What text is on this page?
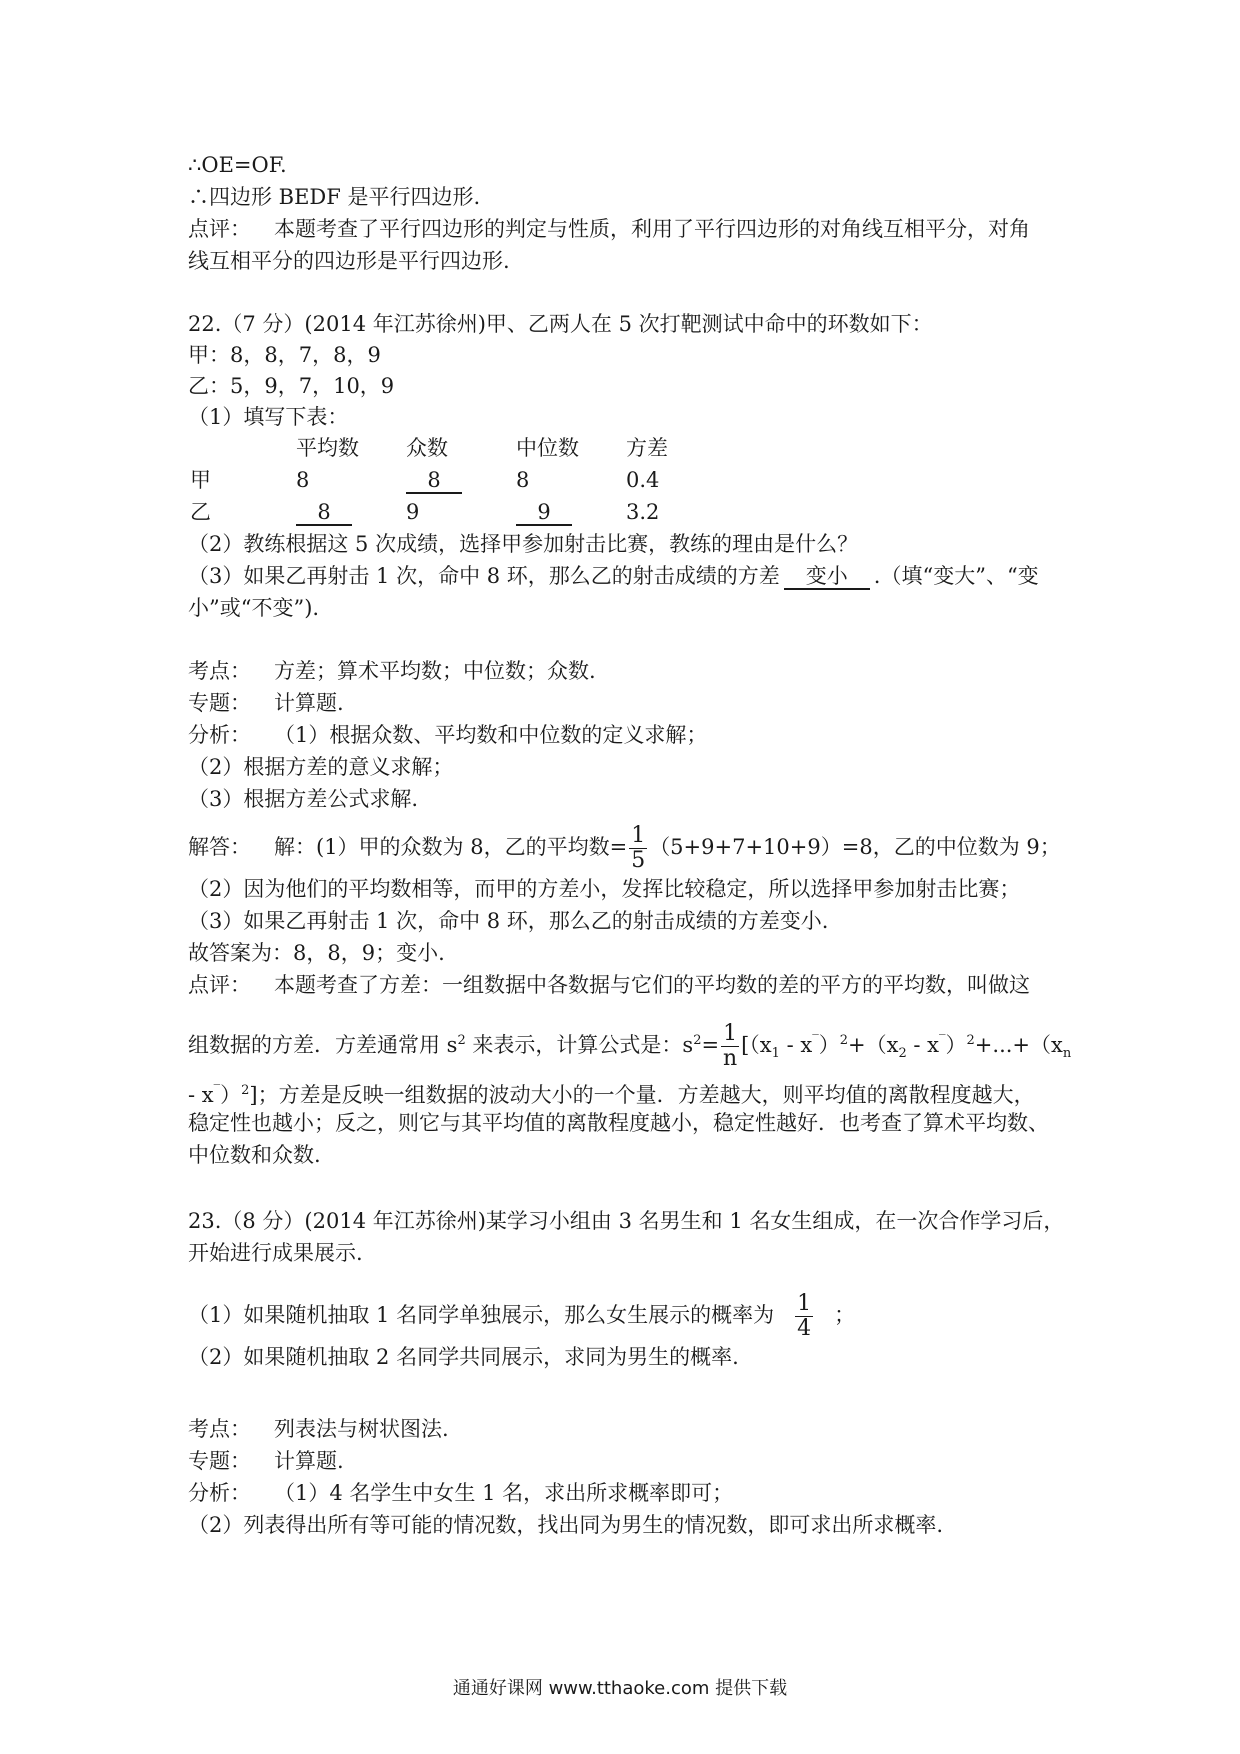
∴OE=OF.
∴四边形 BEDF 是平行四边形.
点评： 本题考查了平行四边形的判定与性质，利用了平行四边形的对角线互相平分，对角
线互相平分的四边形是平行四边形.
22.（7 分）(2014 年江苏徐州)甲、乙两人在 5 次打靶测试中命中的环数如下：
甲：8，8，7，8，9
乙：5，9，7，10，9
（1）填写下表：
平均数 众数	中位数 方差
甲	8	8	8	0.4
乙	8	9	9	3.2
（2）教练根据这 5 次成绩，选择甲参加射击比赛，教练的理由是什么？
（3）如果乙再射击 1 次，命中 8 环，那么乙的射击成绩的方差 变小 .（填“变大”、“变
小”或“不变”).
考点： 方差；算术平均数；中位数；众数.
专题： 计算题.
分析： （1）根据众数、平均数和中位数的定义求解；
（2）根据方差的意义求解；
（3）根据方差公式求解.
解答： 解：(1）甲的众数为 8，乙的平均数= $\frac{1}{5} (5+9+7+10+9)=8$，乙的中位数为 9；
（2）因为他们的平均数相等，而甲的方差小，发挥比较稳定，所以选择甲参加射击比赛；
（3）如果乙再射击 1 次，命中 8 环，那么乙的射击成绩的方差变小.
故答案为：8，8，9；变小.
点评： 本题考查了方差：一组数据中各数据与它们的平均数的差的平方的平均数，叫做这
组数据的方差．方差通常用 $s^2$ 来表示，计算公式是：$s^2= \frac{1}{n} [(x_1 - x^‾)^2+(x_2 - x^‾)^2+...+(x_n$
- x‾）$^2$]；方差是反映一组数据的波动大小的一个量．方差越大，则平均值的离散程度越大，
稳定性也越小；反之，则它与其平均值的离散程度越小，稳定性越好．也考查了算术平均数、
中位数和众数.
23.（8 分）(2014 年江苏徐州)某学习小组由 3 名男生和 1 名女生组成，在一次合作学习后，
开始进行成果展示.
（1）如果随机抽取 1 名同学单独展示，那么女生展示的概率为 $\frac{1}{4}$ ；
（2）如果随机抽取 2 名同学共同展示，求同为男生的概率.
考点： 列表法与树状图法.
专题： 计算题.
分析： （1）4 名学生中女生 1 名，求出所求概率即可；
（2）列表得出所有等可能的情况数，找出同为男生的情况数，即可求出所求概率.
通通好课网 www.tthaoke.com 提供下载
